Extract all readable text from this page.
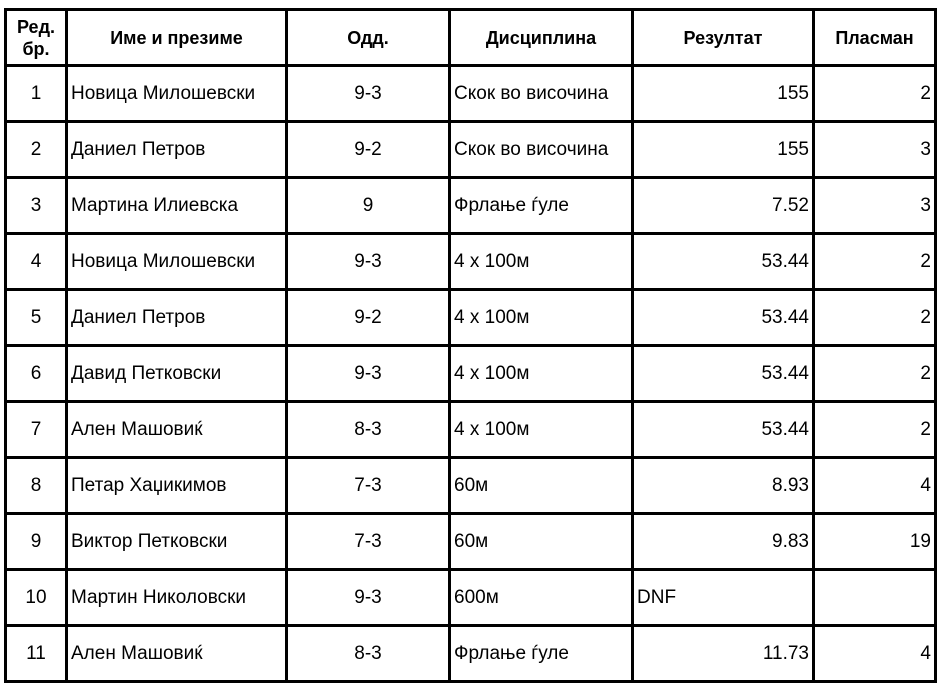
Ред.
бр.	Име и презиме	Одд.	Дисциплина	Резултат	Пласман
1	Новица Милошевски	9-3	Скок во височина	155	2
2	Даниел Петров	9-2	Скок во височина	155	3
3	Мартина Илиевска	9	Фрлање ѓуле	7.52	3
4	Новица Милошевски	9-3	4 х 100м	53.44	2
5	Даниел Петров	9-2	4 х 100м	53.44	2
6	Давид Петковски	9-3	4 х 100м	53.44	2
7	Ален Машовиќ	8-3	4 х 100м	53.44	2
8	Петар Хаџикимов	7-3	60м	8.93	4
9	Виктор Петковски	7-3	60м	9.83	19
10	Мартин Николовски	9-3	600м	DNF	
11	Ален Машовиќ	8-3	Фрлање ѓуле	11.73	4
